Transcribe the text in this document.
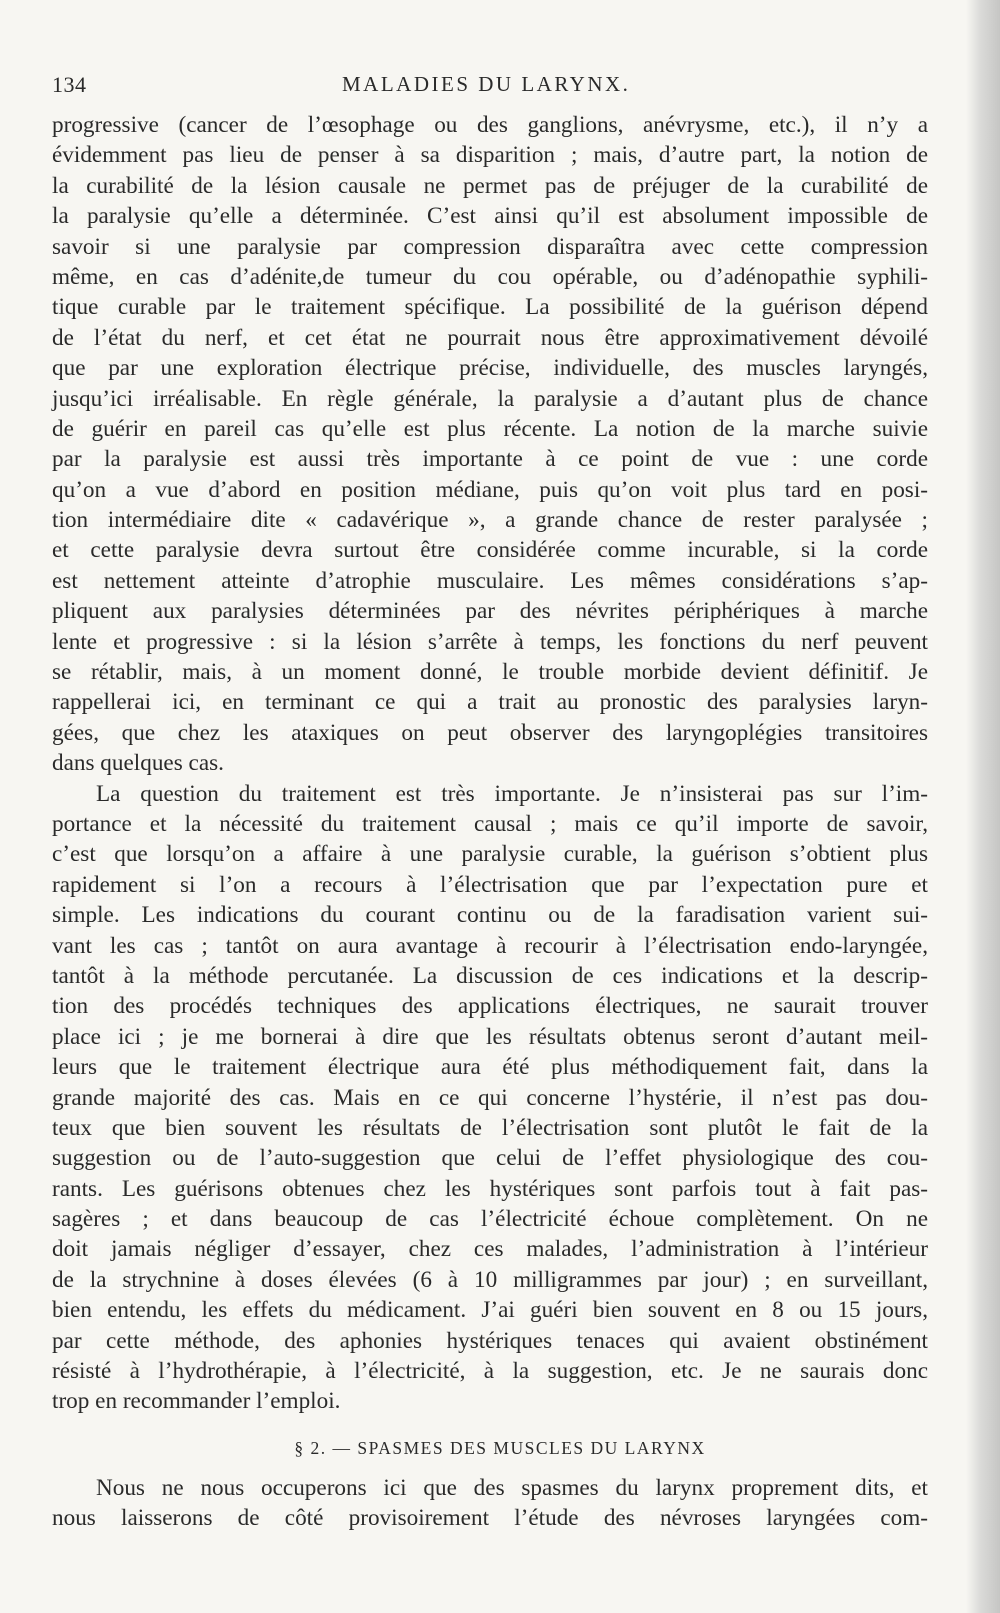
134	MALADIES DU LARYNX.
progressive (cancer de l’œsophage ou des ganglions, anévrysme, etc.), il n’y a
évidemment pas lieu de penser à sa disparition ; mais, d’autre part, la notion de
la curabilité de la lésion causale ne permet pas de préjuger de la curabilité de
la paralysie qu’elle a déterminée. C’est ainsi qu’il est absolument impossible de
savoir si une paralysie par compression disparaîtra avec cette compression
même, en cas d’adénite,de tumeur du cou opérable, ou d’adénopathie syphili-
tique curable par le traitement spécifique. La possibilité de la guérison dépend
de l’état du nerf, et cet état ne pourrait nous être approximativement dévoilé
que par une exploration électrique précise, individuelle, des muscles laryngés,
jusqu’ici irréalisable. En règle générale, la paralysie a d’autant plus de chance
de guérir en pareil cas qu’elle est plus récente. La notion de la marche suivie
par la paralysie est aussi très importante à ce point de vue : une corde
qu’on a vue d’abord en position médiane, puis qu’on voit plus tard en posi-
tion intermédiaire dite « cadavérique », a grande chance de rester paralysée ;
et cette paralysie devra surtout être considérée comme incurable, si la corde
est nettement atteinte d’atrophie musculaire. Les mêmes considérations s’ap-
pliquent aux paralysies déterminées par des névrites périphériques à marche
lente et progressive : si la lésion s’arrête à temps, les fonctions du nerf peuvent
se rétablir, mais, à un moment donné, le trouble morbide devient définitif. Je
rappellerai ici, en terminant ce qui a trait au pronostic des paralysies laryn-
gées, que chez les ataxiques on peut observer des laryngoplégies transitoires
dans quelques cas.
La question du traitement est très importante. Je n’insisterai pas sur l’im-
portance et la nécessité du traitement causal ; mais ce qu’il importe de savoir,
c’est que lorsqu’on a affaire à une paralysie curable, la guérison s’obtient plus
rapidement si l’on a recours à l’électrisation que par l’expectation pure et
simple. Les indications du courant continu ou de la faradisation varient sui-
vant les cas ; tantôt on aura avantage à recourir à l’électrisation endo-laryngée,
tantôt à la méthode percutanée. La discussion de ces indications et la descrip-
tion des procédés techniques des applications électriques, ne saurait trouver
place ici ; je me bornerai à dire que les résultats obtenus seront d’autant meil-
leurs que le traitement électrique aura été plus méthodiquement fait, dans la
grande majorité des cas. Mais en ce qui concerne l’hystérie, il n’est pas dou-
teux que bien souvent les résultats de l’électrisation sont plutôt le fait de la
suggestion ou de l’auto-suggestion que celui de l’effet physiologique des cou-
rants. Les guérisons obtenues chez les hystériques sont parfois tout à fait pas-
sagères ; et dans beaucoup de cas l’électricité échoue complètement. On ne
doit jamais négliger d’essayer, chez ces malades, l’administration à l’intérieur
de la strychnine à doses élevées (6 à 10 milligrammes par jour) ; en surveillant,
bien entendu, les effets du médicament. J’ai guéri bien souvent en 8 ou 15 jours,
par cette méthode, des aphonies hystériques tenaces qui avaient obstinément
résisté à l’hydrothérapie, à l’électricité, à la suggestion, etc. Je ne saurais donc
trop en recommander l’emploi.
§ 2. — SPASMES DES MUSCLES DU LARYNX
Nous ne nous occuperons ici que des spasmes du larynx proprement dits, et
nous laisserons de côté provisoirement l’étude des névroses laryngées com-
